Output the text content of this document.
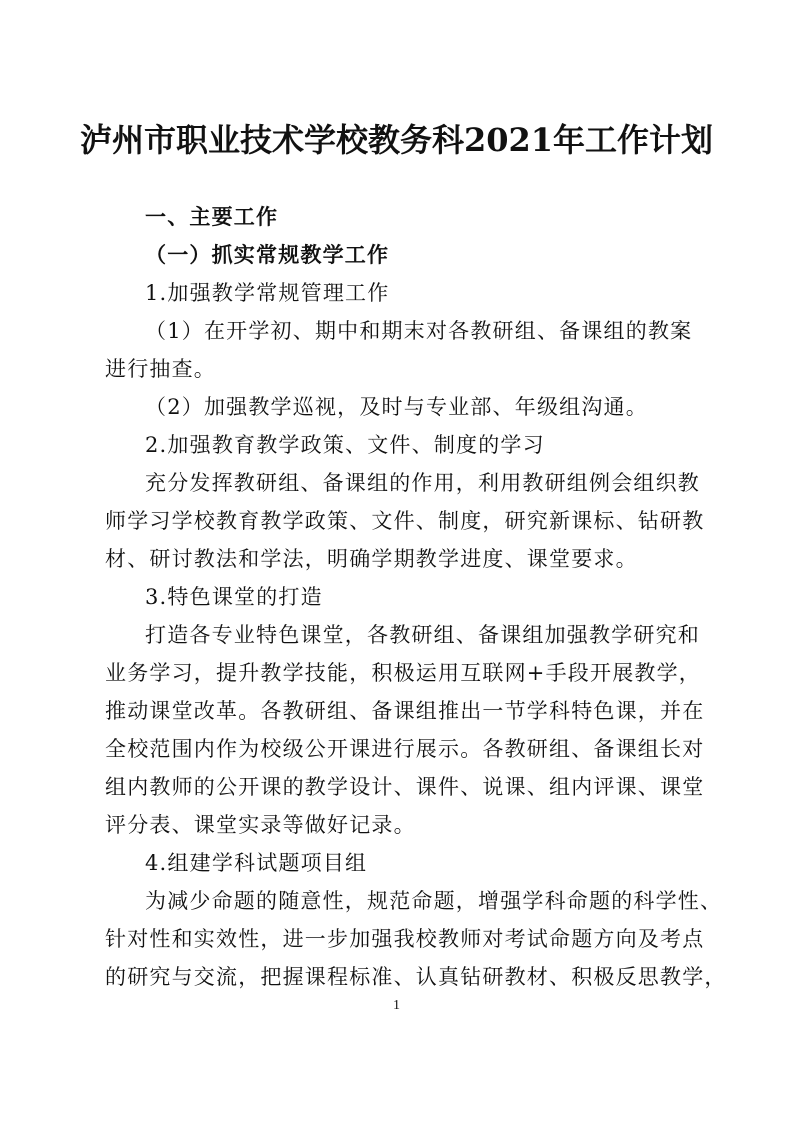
泸州市职业技术学校教务科2021年工作计划
一、主要工作
（一）抓实常规教学工作
1.加强教学常规管理工作
（1）在开学初、期中和期末对各教研组、备课组的教案
进行抽查。
（2）加强教学巡视，及时与专业部、年级组沟通。
2.加强教育教学政策、文件、制度的学习
充分发挥教研组、备课组的作用，利用教研组例会组织教
师学习学校教育教学政策、文件、制度，研究新课标、钻研教
材、研讨教法和学法，明确学期教学进度、课堂要求。
3.特色课堂的打造
打造各专业特色课堂，各教研组、备课组加强教学研究和
业务学习，提升教学技能，积极运用互联网+手段开展教学，
推动课堂改革。各教研组、备课组推出一节学科特色课，并在
全校范围内作为校级公开课进行展示。各教研组、备课组长对
组内教师的公开课的教学设计、课件、说课、组内评课、课堂
评分表、课堂实录等做好记录。
4.组建学科试题项目组
为减少命题的随意性，规范命题，增强学科命题的科学性、
针对性和实效性，进一步加强我校教师对考试命题方向及考点
的研究与交流，把握课程标准、认真钻研教材、积极反思教学，
1
